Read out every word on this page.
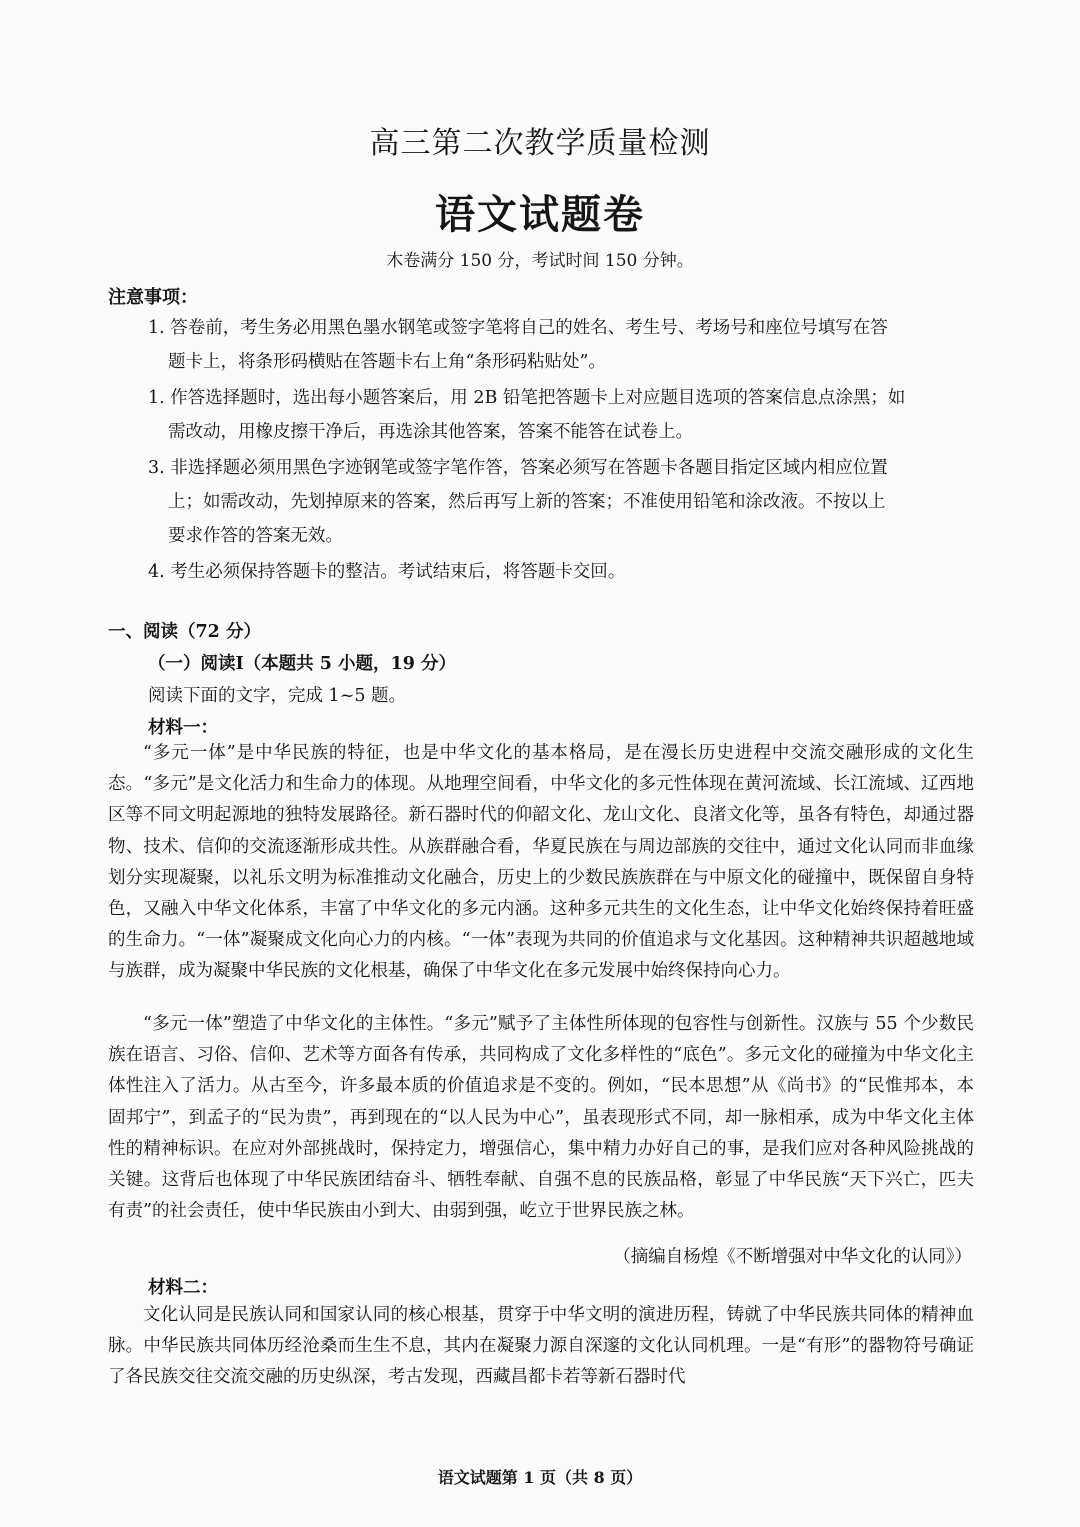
高三第二次教学质量检测
语文试题卷
木卷满分 150 分，考试时间 150 分钟。
注意事项：
1. 答卷前，考生务必用黑色墨水钢笔或签字笔将自己的姓名、考生号、考场号和座位号填写在答
题卡上，将条形码横贴在答题卡右上角“条形码粘贴处”。
1. 作答选择题时，选出每小题答案后，用 2B 铅笔把答题卡上对应题目选项的答案信息点涂黑；如
需改动，用橡皮擦干净后，再选涂其他答案，答案不能答在试卷上。
3. 非选择题必须用黑色字迹钢笔或签字笔作答，答案必须写在答题卡各题目指定区域内相应位置
上；如需改动，先划掉原来的答案，然后再写上新的答案；不准使用铅笔和涂改液。不按以上
要求作答的答案无效。
4. 考生必须保持答题卡的整洁。考试结束后，将答题卡交回。
一、阅读（72 分）
（一）阅读Ⅰ（本题共 5 小题，19 分）
阅读下面的文字，完成 1~5 题。
材料一：

“多元一体”是中华民族的特征，也是中华文化的基本格局，是在漫长历史进程中交流交融形成的文化生态。“多元”是文化活力和生命力的体现。从地理空间看，中华文化的多元性体现在黄河流域、长江流域、辽西地区等不同文明起源地的独特发展路径。新石器时代的仰韶文化、龙山文化、良渚文化等，虽各有特色，却通过器物、技术、信仰的交流逐渐形成共性。从族群融合看，华夏民族在与周边部族的交往中，通过文化认同而非血缘划分实现凝聚，以礼乐文明为标准推动文化融合，历史上的少数民族族群在与中原文化的碰撞中，既保留自身特色，又融入中华文化体系，丰富了中华文化的多元内涵。这种多元共生的文化生态，让中华文化始终保持着旺盛的生命力。“一体”凝聚成文化向心力的内核。“一体”表现为共同的价值追求与文化基因。这种精神共识超越地域与族群，成为凝聚中华民族的文化根基，确保了中华文化在多元发展中始终保持向心力。

“多元一体”塑造了中华文化的主体性。“多元”赋予了主体性所体现的包容性与创新性。汉族与 55 个少数民族在语言、习俗、信仰、艺术等方面各有传承，共同构成了文化多样性的“底色”。多元文化的碰撞为中华文化主体性注入了活力。从古至今，许多最本质的价值追求是不变的。例如，“民本思想”从《尚书》的“民惟邦本，本固邦宁”，到孟子的“民为贵”，再到现在的“以人民为中心”，虽表现形式不同，却一脉相承，成为中华文化主体性的精神标识。在应对外部挑战时，保持定力，增强信心，集中精力办好自己的事，是我们应对各种风险挑战的关键。这背后也体现了中华民族团结奋斗、牺牲奉献、自强不息的民族品格，彰显了中华民族“天下兴亡，匹夫有责”的社会责任，使中华民族由小到大、由弱到强，屹立于世界民族之林。

（摘编自杨煌《不断增强对中华文化的认同》）
材料二：

文化认同是民族认同和国家认同的核心根基，贯穿于中华文明的演进历程，铸就了中华民族共同体的精神血脉。中华民族共同体历经沧桑而生生不息，其内在凝聚力源自深邃的文化认同机理。一是“有形”的器物符号确证了各民族交往交流交融的历史纵深，考古发现，西藏昌都卡若等新石器时代

语文试题第 1 页（共 8 页）
